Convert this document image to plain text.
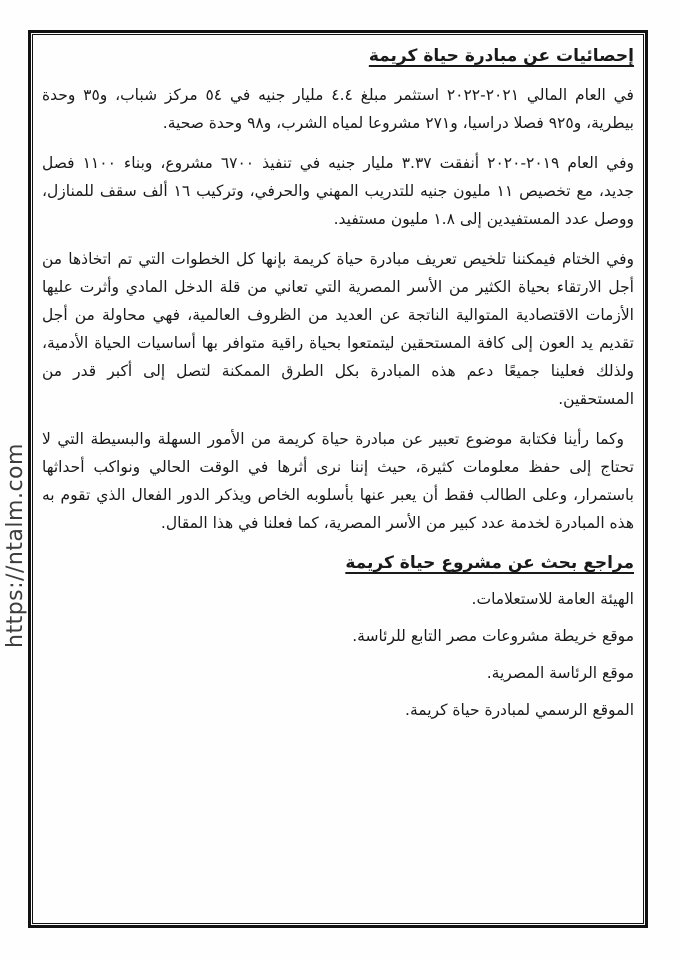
https://ntalm.com
إحصائيات عن مبادرة حياة كريمة

في العام المالي ٢٠٢١-٢٠٢٢ استثمر مبلغ ٤.٤ مليار جنيه في ٥٤ مركز شباب، و٣٥ وحدة بيطرية، و٩٢٥ فصلا دراسيا، و٢٧١ مشروعا لمياه الشرب، و٩٨ وحدة صحية.

وفي العام ٢٠١٩-٢٠٢٠ أنفقت ٣.٣٧ مليار جنيه في تنفيذ ٦٧٠٠ مشروع، وبناء ١١٠٠ فصل جديد، مع تخصيص ١١ مليون جنيه للتدريب المهني والحرفي، وتركيب ١٦ ألف سقف للمنازل، ووصل عدد المستفيدين إلى ١.٨ مليون مستفيد.

وفي الختام فيمكننا تلخيص تعريف مبادرة حياة كريمة بإنها كل الخطوات التي تم اتخاذها من أجل الارتقاء بحياة الكثير من الأسر المصرية التي تعاني من قلة الدخل المادي وأثرت عليها الأزمات الاقتصادية المتوالية الناتجة عن العديد من الظروف العالمية، فهي محاولة من أجل تقديم يد العون إلى كافة المستحقين ليتمتعوا بحياة راقية متوافر بها أساسيات الحياة الأدمية، ولذلك فعلينا جميعًا دعم هذه المبادرة بكل الطرق الممكنة لتصل إلى أكبر قدر من المستحقين.

وكما رأينا فكتابة موضوع تعبير عن مبادرة حياة كريمة من الأمور السهلة والبسيطة التي لا تحتاج إلى حفظ معلومات كثيرة، حيث إننا نرى أثرها في الوقت الحالي ونواكب أحداثها باستمرار، وعلى الطالب فقط أن يعبر عنها بأسلوبه الخاص ويذكر الدور الفعال الذي تقوم به هذه المبادرة لخدمة عدد كبير من الأسر المصرية، كما فعلنا في هذا المقال.

مراجع بحث عن مشروع حياة كريمة

الهيئة العامة للاستعلامات.

موقع خريطة مشروعات مصر التابع للرئاسة.

موقع الرئاسة المصرية.

الموقع الرسمي لمبادرة حياة كريمة.
